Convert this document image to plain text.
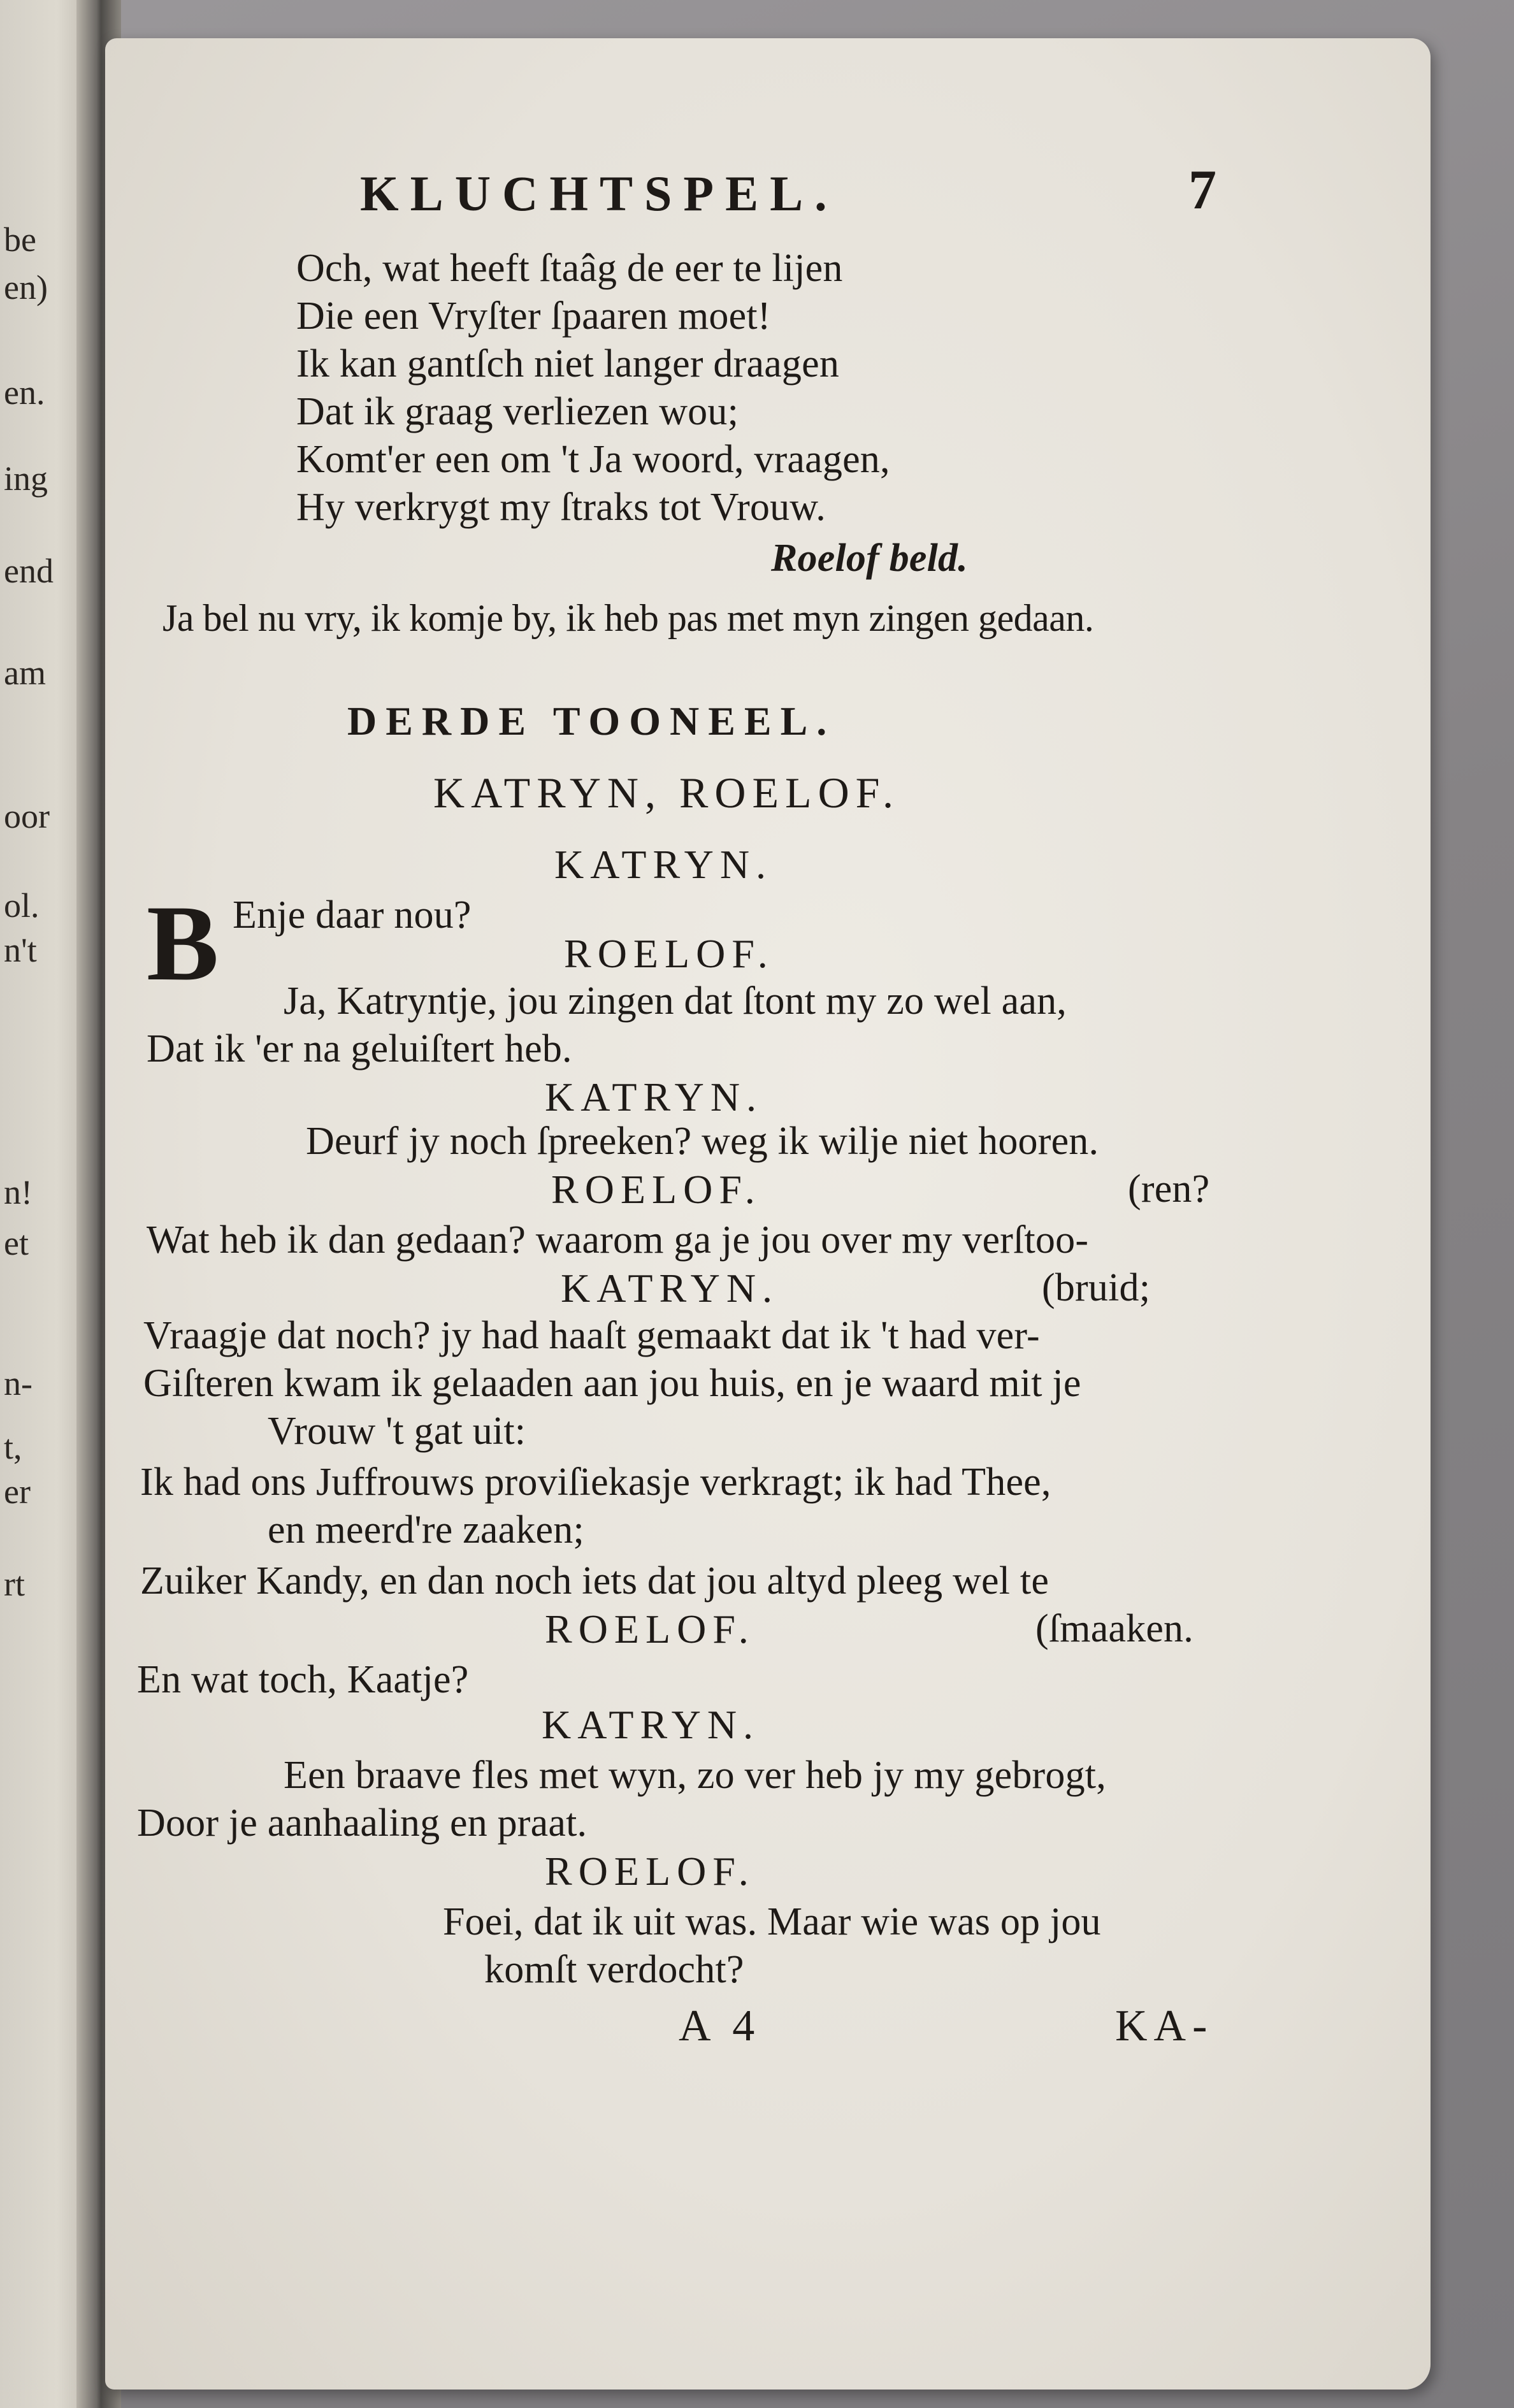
be
en)
en.
ing
end
am
oor
ol.
n't
n!
et
n-
t,
er
rt
KLUCHTSPEL.	7
Och, wat heeft ſtaâg de eer te lijen
Die een Vryſter ſpaaren moet!
Ik kan gantſch niet langer draagen
Dat ik graag verliezen wou;
Komt'er een om 't Ja woord, vraagen,
Hy verkrygt my ſtraks tot Vrouw.
Roelof beld.
Ja bel nu vry, ik komje by, ik heb pas met myn zingen gedaan.
DERDE TOONEEL.
KATRYN, ROELOF.
KATRYN.
B Enje daar nou?
ROELOF.
Ja, Katryntje, jou zingen dat ſtont my zo wel aan,
Dat ik 'er na geluiſtert heb.
KATRYN.
Deurf jy noch ſpreeken? weg ik wilje niet hooren.
ROELOF.	(ren?
Wat heb ik dan gedaan? waarom ga je jou over my verſtoo-
KATRYN.	(bruid;
Vraagje dat noch? jy had haaſt gemaakt dat ik 't had ver-
Giſteren kwam ik gelaaden aan jou huis, en je waard mit je
Vrouw 't gat uit:
Ik had ons Juffrouws proviſiekasje verkragt; ik had Thee,
en meerd're zaaken;
Zuiker Kandy, en dan noch iets dat jou altyd pleeg wel te
ROELOF.	(ſmaaken.
En wat toch, Kaatje?
KATRYN.
Een braave fles met wyn, zo ver heb jy my gebrogt,
Door je aanhaaling en praat.
ROELOF.
Foei, dat ik uit was. Maar wie was op jou
komſt verdocht?
A 4	KA-
